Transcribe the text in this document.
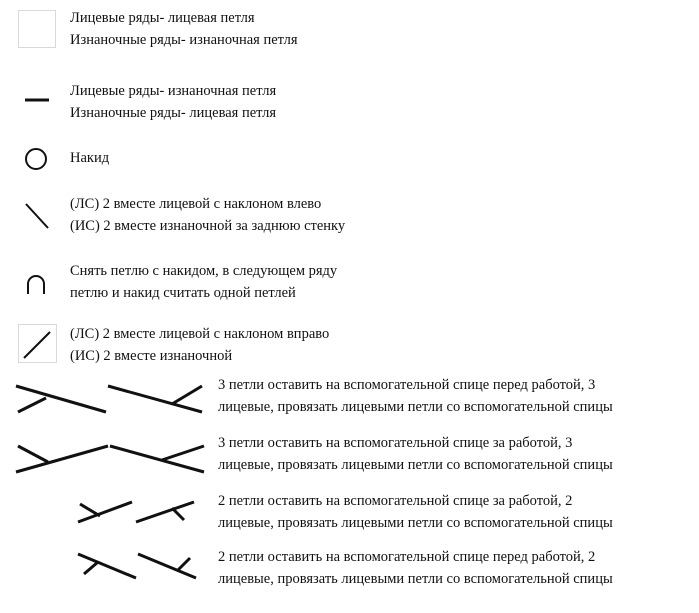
Лицевые ряды- лицевая петля
Изнаночные ряды- изнаночная петля
Лицевые ряды- изнаночная петля
Изнаночные ряды- лицевая петля
Накид
(ЛС) 2 вместе лицевой с наклоном влево
(ИС) 2 вместе изнаночной за заднюю стенку
Снять петлю с накидом, в следующем ряду
петлю и накид считать одной петлей
(ЛС) 2 вместе лицевой с наклоном вправо
(ИС) 2 вместе изнаночной
3 петли оставить на вспомогательной спице перед работой, 3
лицевые, провязать лицевыми петли со вспомогательной спицы
3 петли оставить на вспомогательной спице за работой, 3
лицевые, провязать лицевыми петли со вспомогательной спицы
2 петли оставить на вспомогательной спице за работой, 2
лицевые, провязать лицевыми петли со вспомогательной спицы
2 петли оставить на вспомогательной спице перед работой, 2
лицевые, провязать лицевыми петли со вспомогательной спицы
